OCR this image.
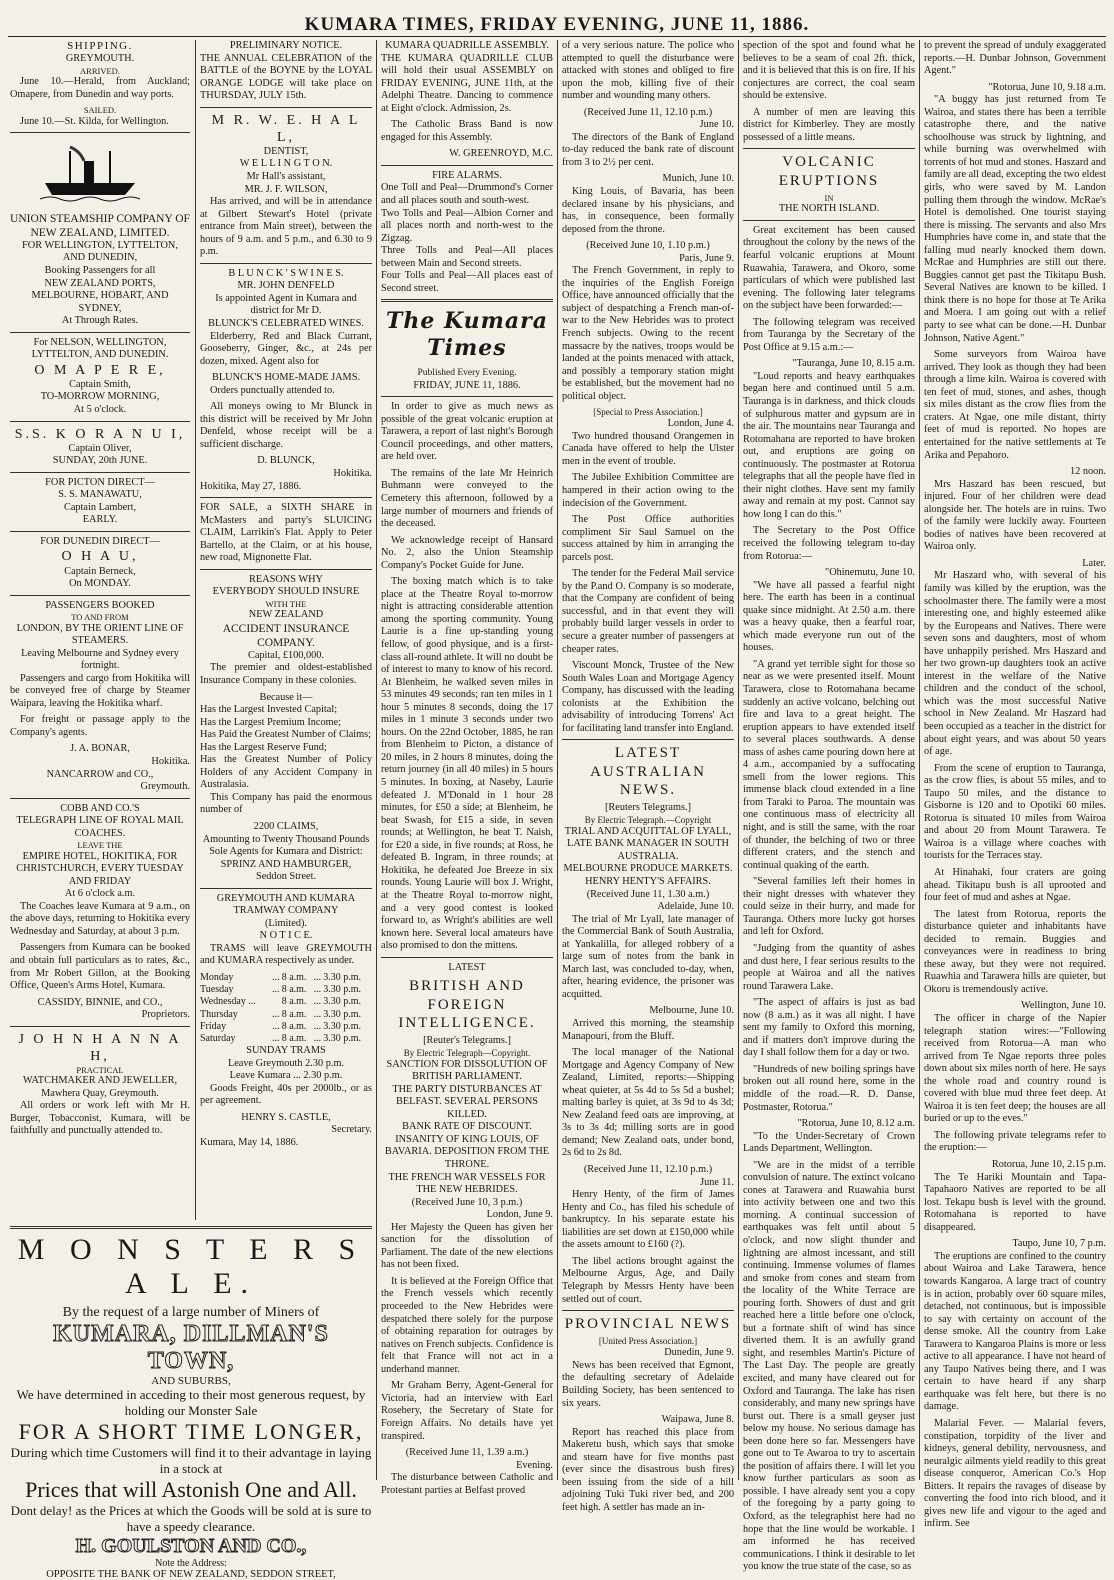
KUMARA TIMES, FRIDAY EVENING, JUNE 11, 1886.
SHIPPING.
GREYMOUTH.
ARRIVED.
June 10.—Herald, from Auckland; Omapere, from Dunedin and way ports.
SAILED.
June 10.—St. Kilda, for Wellington.
UNION STEAMSHIP COMPANY OF NEW ZEALAND, LIMITED.
FOR WELLINGTON, LYTTELTON, AND DUNEDIN,
Booking Passengers for all
NEW ZEALAND PORTS, MELBOURNE, HOBART, AND SYDNEY,
At Through Rates.
For NELSON, WELLINGTON, LYTTELTON, AND DUNEDIN.
O M A P E R E,
Captain Smith,
TO-MORROW MORNING,
At 5 o'clock.
S.S. K O R A N U I,
Captain Oliver,
SUNDAY, 20th JUNE.
FOR PICTON DIRECT—
S. S. MANAWATU,
Captain Lambert,
EARLY.
FOR DUNEDIN DIRECT—
O H A U,
Captain Berneck,
On MONDAY.
PASSENGERS BOOKED
TO AND FROM
LONDON, BY THE ORIENT LINE OF STEAMERS.
Leaving Melbourne and Sydney every fortnight.
Passengers and cargo from Hokitika will be conveyed free of charge by Steamer Waipara, leaving the Hokitika wharf.
For freight or passage apply to the Company's agents.
J. A. BONAR,
Hokitika.
NANCARROW and CO.,
Greymouth.
COBB AND CO.'S
TELEGRAPH LINE OF ROYAL MAIL COACHES.
LEAVE THE
EMPIRE HOTEL, HOKITIKA, FOR CHRISTCHURCH, EVERY TUESDAY AND FRIDAY
At 6 o'clock a.m.
The Coaches leave Kumara at 9 a.m., on the above days, returning to Hokitika every Wednesday and Saturday, at about 3 p.m.
Passengers from Kumara can be booked and obtain full particulars as to rates, &c., from Mr Robert Gillon, at the Booking Office, Queen's Arms Hotel, Kumara.
CASSIDY, BINNIE, and CO.,
Proprietors.
J O H N H A N N A H,
PRACTICAL
WATCHMAKER AND JEWELLER,
Mawhera Quay, Greymouth.
All orders or work left with Mr H. Burger, Tobacconist, Kumara, will be faithfully and punctually attended to.
PRELIMINARY NOTICE.
THE ANNUAL CELEBRATION of the BATTLE of the BOYNE by the LOYAL ORANGE LODGE will take place on THURSDAY, JULY 15th.
M R. W. E. H A L L,
DENTIST,
W E L L I N G T O N.
Mr Hall's assistant,
MR. J. F. WILSON,
Has arrived, and will be in attendance at Gilbert Stewart's Hotel (private entrance from Main street), between the hours of 9 a.m. and 5 p.m., and 6.30 to 9 p.m.
B L U N C K ' S W I N E S.
MR. JOHN DENFELD
Is appointed Agent in Kumara and district for Mr D.
BLUNCK'S CELEBRATED WINES.
Elderberry, Red and Black Currant, Gooseberry, Ginger, &c., at 24s per dozen, mixed. Agent also for
BLUNCK'S HOME-MADE JAMS.
Orders punctually attended to.
All moneys owing to Mr Blunck in this district will be received by Mr John Denfeld, whose receipt will be a sufficient discharge.
D. BLUNCK,
Hokitika.
Hokitika, May 27, 1886.
FOR SALE, a SIXTH SHARE in McMasters and party's SLUICING CLAIM, Larrikin's Flat. Apply to Peter Bartello, at the Claim, or at his house, new road, Mignonette Flat.
REASONS WHY
EVERYBODY SHOULD INSURE
WITH THE
NEW ZEALAND
ACCIDENT INSURANCE COMPANY.
Capital, £100,000.
The premier and oldest-established Insurance Company in these colonies.
Because it—
Has the Largest Invested Capital;
Has the Largest Premium Income;
Has Paid the Greatest Number of Claims;
Has the Largest Reserve Fund;
Has the Greatest Number of Policy Holders of any Accident Company in Australasia.
This Company has paid the enormous number of
2200 CLAIMS,
Amounting to Twenty Thousand Pounds
Sole Agents for Kumara and District:
SPRINZ AND HAMBURGER,
Seddon Street.
GREYMOUTH AND KUMARA TRAMWAY COMPANY
(Limited).
N O T I C E.
TRAMS will leave GREYMOUTH and KUMARA respectively as under.
Monday	...	8 a.m.	...	3.30 p.m.
Tuesday	...	8 a.m.	...	3.30 p.m.
Wednesday ...		8 a.m.	...	3.30 p.m.
Thursday	...	8 a.m.	...	3.30 p.m.
Friday	...	8 a.m.	...	3.30 p.m.
Saturday	...	8 a.m.	...	3.30 p.m.
SUNDAY TRAMS
Leave Greymouth 2.30 p.m.
Leave Kumara ... 2.30 p.m.
Goods Freight, 40s per 2000lb., or as per agreement.
HENRY S. CASTLE,
Secretary.
Kumara, May 14, 1886.
M O N S T E R S A L E.
By the request of a large number of Miners of
KUMARA, DILLMAN'S TOWN,
AND SUBURBS,
We have determined in acceding to their most generous request, by holding our Monster Sale
FOR A SHORT TIME LONGER,
During which time Customers will find it to their advantage in laying in a stock at
Prices that will Astonish One and All.
Dont delay! as the Prices at which the Goods will be sold at is sure to have a speedy clearance.
H. GOULSTON AND CO.,
Note the Address:
OPPOSITE THE BANK OF NEW ZEALAND, SEDDON STREET,
KUMARA QUADRILLE ASSEMBLY.
THE KUMARA QUADRILLE CLUB will hold their usual ASSEMBLY on FRIDAY EVENING, JUNE 11th, at the Adelphi Theatre. Dancing to commence at Eight o'clock. Admission, 2s.
The Catholic Brass Band is now engaged for this Assembly.
W. GREENROYD, M.C.
FIRE ALARMS.
One Toll and Peal—Drummond's Corner and all places south and south-west.
Two Tolls and Peal—Albion Corner and all places north and north-west to the Zigzag.
Three Tolls and Peal—All places between Main and Second streets.
Four Tolls and Peal—All places east of Second street.
The Kumara Times
Published Every Evening.
FRIDAY, JUNE 11, 1886.
In order to give as much news as possible of the great volcanic eruption at Tarawera, a report of last night's Borough Council proceedings, and other matters, are held over.
The remains of the late Mr Heinrich Buhmann were conveyed to the Cemetery this afternoon, followed by a large number of mourners and friends of the deceased.
We acknowledge receipt of Hansard No. 2, also the Union Steamship Company's Pocket Guide for June.
The boxing match which is to take place at the Theatre Royal to-morrow night is attracting considerable attention among the sporting community. Young Laurie is a fine up-standing young fellow, of good physique, and is a first-class all-round athlete. It will no doubt be of interest to many to know of his record. At Blenheim, he walked seven miles in 53 minutes 49 seconds; ran ten miles in 1 hour 5 minutes 8 seconds, doing the 17 miles in 1 minute 3 seconds under two hours. On the 22nd October, 1885, he ran from Blenheim to Picton, a distance of 20 miles, in 2 hours 8 minutes, doing the return journey (in all 40 miles) in 5 hours 5 minutes. In boxing, at Naseby, Laurie defeated J. M'Donald in 1 hour 28 minutes, for £50 a side; at Blenheim, he beat Swash, for £15 a side, in seven rounds; at Wellington, he beat T. Naish, for £20 a side, in five rounds; at Ross, he defeated B. Ingram, in three rounds; at Hokitika, he defeated Joe Breeze in six rounds. Young Laurie will box J. Wright, at the Theatre Royal to-morrow night, and a very good contest is looked forward to, as Wright's abilities are well known here. Several local amateurs have also promised to don the mittens.
LATEST
BRITISH AND FOREIGN INTELLIGENCE.
[Reuter's Telegrams.]
By Electric Telegraph—Copyright.
SANCTION FOR DISSOLUTION OF BRITISH PARLIAMENT.
THE PARTY DISTURBANCES AT BELFAST. SEVERAL PERSONS KILLED.
BANK RATE OF DISCOUNT.
INSANITY OF KING LOUIS, OF BAVARIA. DEPOSITION FROM THE THRONE.
THE FRENCH WAR VESSELS FOR THE NEW HEBRIDES.
(Received June 10, 3 p.m.)
London, June 9.
Her Majesty the Queen has given her sanction for the dissolution of Parliament. The date of the new elections has not been fixed.
It is believed at the Foreign Office that the French vessels which recently proceeded to the New Hebrides were despatched there solely for the purpose of obtaining reparation for outrages by natives on French subjects. Confidence is felt that France will not act in a underhand manner.
Mr Graham Berry, Agent-General for Victoria, had an interview with Earl Rosebery, the Secretary of State for Foreign Affairs. No details have yet transpired.
(Received June 11, 1.39 a.m.)
Evening.
The disturbance between Catholic and Protestant parties at Belfast proved
of a very serious nature. The police who attempted to quell the disturbance were attacked with stones and obliged to fire upon the mob, killing five of their number and wounding many others.
(Received June 11, 12.10 p.m.)
June 10.
The directors of the Bank of England to-day reduced the bank rate of discount from 3 to 2½ per cent.
Munich, June 10.
King Louis, of Bavaria, has been declared insane by his physicians, and has, in consequence, been formally deposed from the throne.
(Received June 10, 1.10 p.m.)
Paris, June 9.
The French Government, in reply to the inquiries of the English Foreign Office, have announced officially that the subject of despatching a French man-of-war to the New Hebrides was to protect French subjects. Owing to the recent massacre by the natives, troops would be landed at the points menaced with attack, and possibly a temporary station might be established, but the movement had no political object.
[Special to Press Association.]
London, June 4.
Two hundred thousand Orangemen in Canada have offered to help the Ulster men in the event of trouble.
The Jubilee Exhibition Committee are hampered in their action owing to the indecision of the Government.
The Post Office authorities compliment Sir Saul Samuel on the success attained by him in arranging the parcels post.
The tender for the Federal Mail service by the P.and O. Company is so moderate, that the Company are confident of being successful, and in that event they will probably build larger vessels in order to secure a greater number of passengers at cheaper rates.
Viscount Monck, Trustee of the New South Wales Loan and Mortgage Agency Company, has discussed with the leading colonists at the Exhibition the advisability of introducing Torrens' Act for facilitating land transfer into England.
LATEST AUSTRALIAN NEWS.
[Reuters Telegrams.]
By Electric Telegraph.—Copyright
TRIAL AND ACQUITTAL OF LYALL, LATE BANK MANAGER IN SOUTH AUSTRALIA.
MELBOURNE PRODUCE MARKETS.
HENRY HENTY'S AFFAIRS.
(Received June 11, 1.30 a.m.)
Adelaide, June 10.
The trial of Mr Lyall, late manager of the Commercial Bank of South Australia, at Yankalilla, for alleged robbery of a large sum of notes from the bank in March last, was concluded to-day, when, after, hearing evidence, the prisoner was acquitted.
Melbourne, June 10.
Arrived this morning, the steamship Manapouri, from the Bluff.
The local manager of the National Mortgage and Agency Company of New Zealand, Limited, reports:—Shipping wheat quieter, at 5s 4d to 5s 5d a bushel; malting barley is quiet, at 3s 9d to 4s 3d; New Zealand feed oats are improving, at 3s to 3s 4d; milling sorts are in good demand; New Zealand oats, under bond, 2s 6d to 2s 8d.
(Received June 11, 12.10 p.m.)
June 11.
Henry Henty, of the firm of James Henty and Co., has filed his schedule of bankruptcy. In his separate estate his liabilities are set down at £150,000 while the assets amount to £160 (?).
The libel actions brought against the Melbourne Argus, Age, and Daily Telegraph by Messrs Henty have been settled out of court.
PROVINCIAL NEWS
[United Press Association.]
Dunedin, June 9.
News has been received that Egmont, the defaulting secretary of Adelaide Building Society, has been sentenced to six years.
Waipawa, June 8.
Report has reached this place from Makeretu bush, which says that smoke and steam have for five months past (ever since the disastrous bush fires) been issuing from the side of a hill adjoining Tuki Tuki river bed, and 200 feet high. A settler has made an in-
spection of the spot and found what he believes to be a seam of coal 2ft. thick, and it is believed that this is on fire. If his conjectures are correct, the coal seam should be extensive.
A number of men are leaving this district for Kimberley. They are mostly possessed of a little means.
VOLCANIC ERUPTIONS
IN
THE NORTH ISLAND.
Great excitement has been caused throughout the colony by the news of the fearful volcanic eruptions at Mount Ruawahia, Tarawera, and Okoro, some particulars of which were published last evening. The following later telegrams on the subject have been forwarded:—
The following telegram was received from Tauranga by the Secretary of the Post Office at 9.15 a.m.:—
"Tauranga, June 10, 8.15 a.m.
"Loud reports and heavy earthquakes began here and continued until 5 a.m. Tauranga is in darkness, and thick clouds of sulphurous matter and gypsum are in the air. The mountains near Tauranga and Rotomahana are reported to have broken out, and eruptions are going on continuously. The postmaster at Rotorua telegraphs that all the people have fled in their night clothes. Have sent my family away and remain at my post. Cannot say how long I can do this."
The Secretary to the Post Office received the following telegram to-day from Rotorua:—
"Ohinemutu, June 10.
"We have all passed a fearful night here. The earth has been in a continual quake since midnight. At 2.50 a.m. there was a heavy quake, then a fearful roar, which made everyone run out of the houses.
"A grand yet terrible sight for those so near as we were presented itself. Mount Tarawera, close to Rotomahana became suddenly an active volcano, belching out fire and lava to a great height. The eruption appears to have extended itself to several places southwards. A dense mass of ashes came pouring down here at 4 a.m., accompanied by a suffocating smell from the lower regions. This immense black cloud extended in a line from Taraki to Paroa. The mountain was one continuous mass of electricity all night, and is still the same, with the roar of thunder, the belching of two or three different craters, and the stench and continual quaking of the earth.
"Several families left their homes in their night dresses with whatever they could seize in their hurry, and made for Tauranga. Others more lucky got horses and left for Oxford.
"Judging from the quantity of ashes and dust here, I fear serious results to the people at Wairoa and all the natives round Tarawera Lake.
"The aspect of affairs is just as bad now (8 a.m.) as it was all night. I have sent my family to Oxford this morning, and if matters don't improve during the day I shall follow them for a day or two.
"Hundreds of new boiling springs have broken out all round here, some in the middle of the road.—R. D. Danse, Postmaster, Rotorua."
"Rotorua, June 10, 8.12 a.m.
"To the Under-Secretary of Crown Lands Department, Wellington.
"We are in the midst of a terrible convulsion of nature. The extinct volcano cones at Tarawera and Ruawahia burst into activity between one and two this morning. A continual succession of earthquakes was felt until about 5 o'clock, and now slight thunder and lightning are almost incessant, and still continuing. Immense volumes of flames and smoke from cones and steam from the locality of the White Terrace are pouring forth. Showers of dust and grit reached here a little before one o'clock, but a fortnate shift of wind has since diverted them. It is an awfully grand sight, and resembles Martin's Picture of The Last Day. The people are greatly excited, and many have cleared out for Oxford and Tauranga. The lake has risen considerably, and many new springs have burst out. There is a small geyser just below my house. No serious damage has been done here so far. Messengers have gone out to Te Awaroa to try to ascertain the position of affairs there. I will let you know further particulars as soon as possible. I have already sent you a copy of the foregoing by a party going to Oxford, as the telegraphist here had no hope that the line would be workable. I am informed he has received communications. I think it desirable to let you know the true state of the case, so as
to prevent the spread of unduly exaggerated reports.—H. Dunbar Johnson, Government Agent."
"Rotorua, June 10, 9.18 a.m.
"A buggy has just returned from Te Wairoa, and states there has been a terrible catastrophe there, and the native schoolhouse was struck by lightning, and while burning was overwhelmed with torrents of hot mud and stones. Haszard and family are all dead, excepting the two eldest girls, who were saved by M. Landon pulling them through the window. McRae's Hotel is demolished. One tourist staying there is missing. The servants and also Mrs Humphries have come in, and state that the falling mud nearly knocked them down. McRae and Humphries are still out there. Buggies cannot get past the Tikitapu Bush. Several Natives are known to be killed. I think there is no hope for those at Te Arika and Moera. I am going out with a relief party to see what can be done.—H. Dunbar Johnson, Native Agent."
Some surveyors from Wairoa have arrived. They look as though they had been through a lime kiln. Wairoa is covered with ten feet of mud, stones, and ashes, though six miles distant as the crow flies from the craters. At Ngae, one mile distant, thirty feet of mud is reported. No hopes are entertained for the native settlements at Te Arika and Pepahoro.
12 noon.
Mrs Haszard has been rescued, but injured. Four of her children were dead alongside her. The hotels are in ruins. Two of the family were luckily away. Fourteen bodies of natives have been recovered at Wairoa only.
Later.
Mr Haszard who, with several of his family was killed by the eruption, was the schoolmaster there. The family were a most interesting one, and highly esteemed alike by the Europeans and Natives. There were seven sons and daughters, most of whom have unhappily perished. Mrs Haszard and her two grown-up daughters took an active interest in the welfare of the Native children and the conduct of the school, which was the most successful Native school in New Zealand. Mr Haszard had been occupied as a teacher in the district for about eight years, and was about 50 years of age.
From the scene of eruption to Tauranga, as the crow flies, is about 55 miles, and to Taupo 50 miles, and the distance to Gisborne is 120 and to Opotiki 60 miles. Rotorua is situated 10 miles from Wairoa and about 20 from Mount Tarawera. Te Wairoa is a village where coaches with tourists for the Terraces stay.
At Hinahaki, four craters are going ahead. Tikitapu bush is all uprooted and four feet of mud and ashes at Ngae.
The latest from Rotorua, reports the disturbance quieter and inhabitants have decided to remain. Buggies and conveyances were in readiness to bring these away, but they were not required. Ruawhia and Tarawera hills are quieter, but Okoru is tremendously active.
Wellington, June 10.
The officer in charge of the Napier telegraph station wires:—"Following received from Rotorua—A man who arrived from Te Ngae reports three poles down about six miles north of here. He says the whole road and country round is covered with blue mud three feet deep. At Wairoa it is ten feet deep; the houses are all buried or up to the eves."
The following private telegrams refer to the eruption:—
Rotorua, June 10, 2.15 p.m.
The Te Hariki Mountain and Tapa-Tapahaoro Natives are reported to be all lost. Tekapu bush is level with the ground. Rotomahana is reported to have disappeared.
Taupo, June 10, 7 p.m.
The eruptions are confined to the country about Wairoa and Lake Tarawera, hence towards Kangaroa. A large tract of country is in action, probably over 60 square miles, detached, not continuous, but is impossible to say with certainty on account of the dense smoke. All the country from Lake Tarawera to Kangaroa Plains is more or less active to all appearance. I have not heard of any Taupo Natives being there, and I was certain to have heard if any sharp earthquake was felt here, but there is no damage.
Malarial Fever. — Malarial fevers, constipation, torpidity of the liver and kidneys, general debility, nervousness, and neuralgic ailments yield readily to this great disease conqueror, American Co.'s Hop Bitters. It repairs the ravages of disease by converting the food into rich blood, and it gives new life and vigour to the aged and infirm. See
